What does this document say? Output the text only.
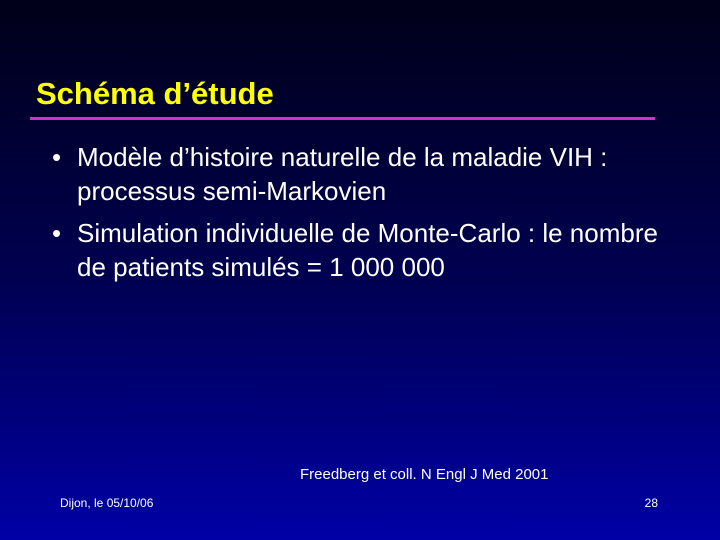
Schéma d’étude
• Modèle d’histoire naturelle de la maladie VIH : processus semi-Markovien
• Simulation individuelle de Monte-Carlo : le nombre de patients simulés = 1 000 000
Freedberg et coll. N Engl J Med 2001
Dijon, le 05/10/06	28
